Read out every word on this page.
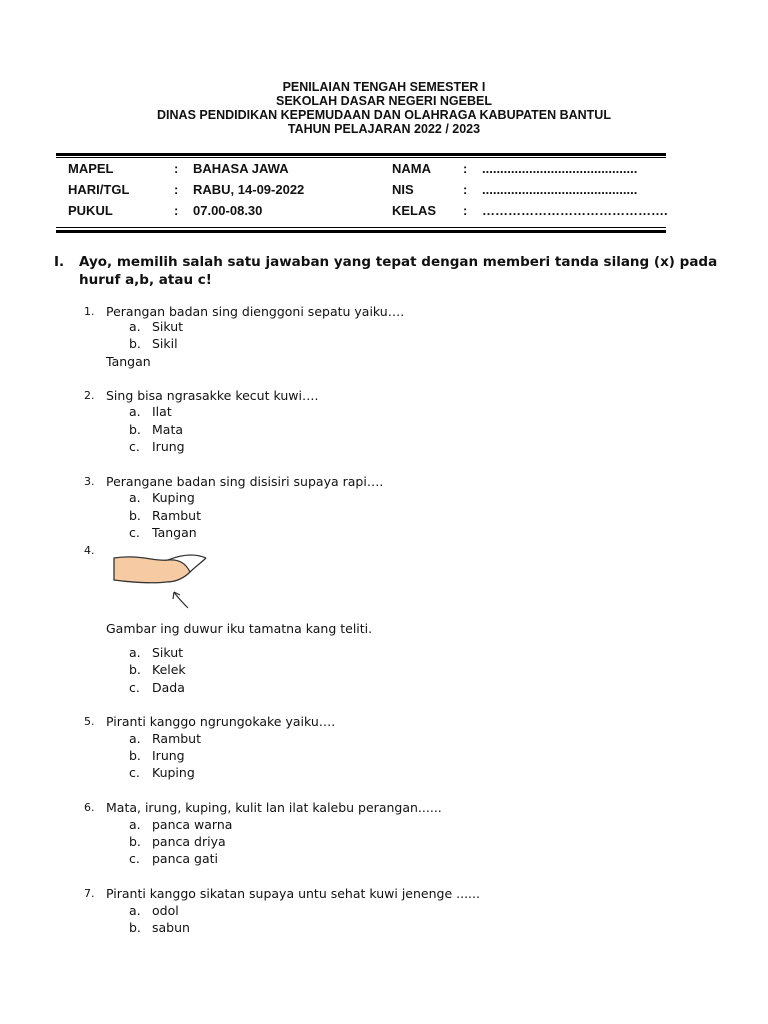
PENILAIAN TENGAH SEMESTER I
SEKOLAH DASAR NEGERI NGEBEL
DINAS PENDIDIKAN KEPEMUDAAN DAN OLAHRAGA KABUPATEN BANTUL
TAHUN PELAJARAN 2022 / 2023
MAPEL	: BAHASA JAWA	NAMA : ...........................................
HARI/TGL	: RABU, 14-09-2022	NIS	: ...........................................
PUKUL	: 07.00-08.30	KELAS : …………………………………….
I. Ayo, memilih salah satu jawaban yang tepat dengan memberi tanda silang (x) pada huruf a,b, atau c!
1. Perangan badan sing dienggoni sepatu yaiku….
a. Sikut
b. Sikil
Tangan
2. Sing bisa ngrasakke kecut kuwi….
a. Ilat
b. Mata
c. Irung
3. Perangane badan sing disisiri supaya rapi….
a. Kuping
b. Rambut
c. Tangan
4.
Gambar ing duwur iku tamatna kang teliti.
a. Sikut
b. Kelek
c. Dada
5. Piranti kanggo ngrungokake yaiku….
a. Rambut
b. Irung
c. Kuping
6. Mata, irung, kuping, kulit lan ilat kalebu perangan......
a. panca warna
b. panca driya
c. panca gati
7. Piranti kanggo sikatan supaya untu sehat kuwi jenenge ......
a. odol
b. sabun
